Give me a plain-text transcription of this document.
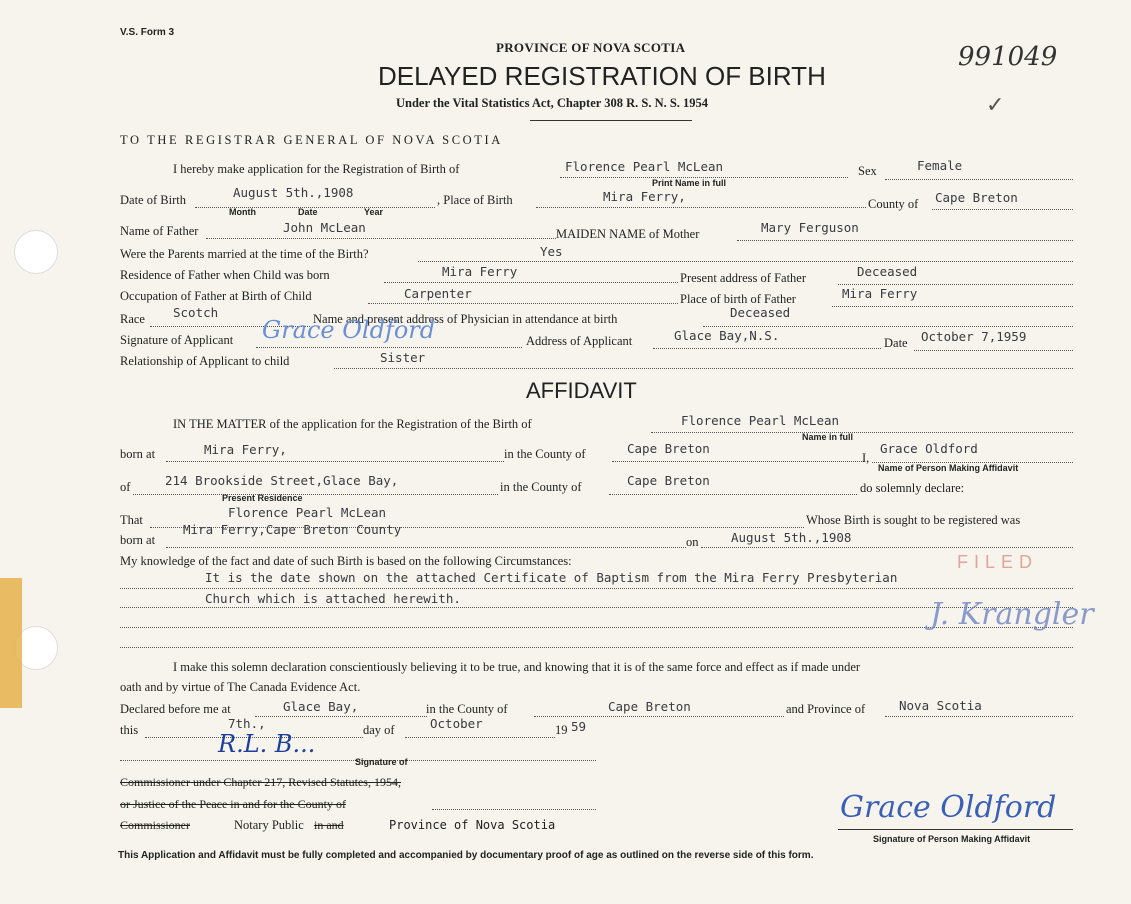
V.S. Form 3
PROVINCE OF NOVA SCOTIA
DELAYED REGISTRATION OF BIRTH
Under the Vital Statistics Act, Chapter 308 R. S. N. S. 1954
991049
✓
TO THE REGISTRAR GENERAL OF NOVA SCOTIA
I hereby make application for the Registration of Birth of	Florence Pearl McLean
Print Name in full
Sex	Female
Date of Birth	August 5th.,1908
Month	Date	Year
, Place of Birth	Mira Ferry,	County of Cape Breton
Name of Father	John McLean	MAIDEN NAME of Mother	Mary Ferguson
Were the Parents married at the time of the Birth?	Yes
Residence of Father when Child was born	Mira Ferry	Present address of Father	Deceased
Occupation of Father at Birth of Child	Carpenter	Place of birth of Father	Mira Ferry
Race Scotch	Name and present address of Physician in attendance at birth	Deceased
Signature of Applicant Grace Oldford	Address of Applicant	Glace Bay,N.S.	Date October 7,1959
Relationship of Applicant to child	Sister
AFFIDAVIT
IN THE MATTER of the application for the Registration of the Birth of	Florence Pearl McLean
Name in full
born at	Mira Ferry,	in the County of	Cape Breton
I,
Grace Oldford
Name of Person Making Affidavit
of	214 Brookside Street,Glace Bay,
Present Residence
in the County of	Cape Breton	do solemnly declare:
That	Florence Pearl McLean	Whose Birth is sought to be registered was
born at
Mira Ferry,Cape Breton County
on	August 5th.,1908
My knowledge of the fact and date of such Birth is based on the following Circumstances:
It is the date shown on the attached Certificate of Baptism from the Mira Ferry Presbyterian
Church which is attached herewith.
FILED
J. Krangler
I make this solemn declaration conscientiously believing it to be true, and knowing that it is of the same force and effect as if made under
oath and by virtue of The Canada Evidence Act.
Declared before me at	Glace Bay,	in the County of	Cape Breton	and Province of	Nova Scotia
this	7th.,	day of	October	19 59
R.L. B...
Signature of
Commissioner under Chapter 217, Revised Statutes, 1954,
or Justice of the Peace in and for the County of
Commissioner	Notary Public in and	Province of Nova Scotia	Grace Oldford
Signature of Person Making Affidavit
This Application and Affidavit must be fully completed and accompanied by documentary proof of age as outlined on the reverse side of this form.
